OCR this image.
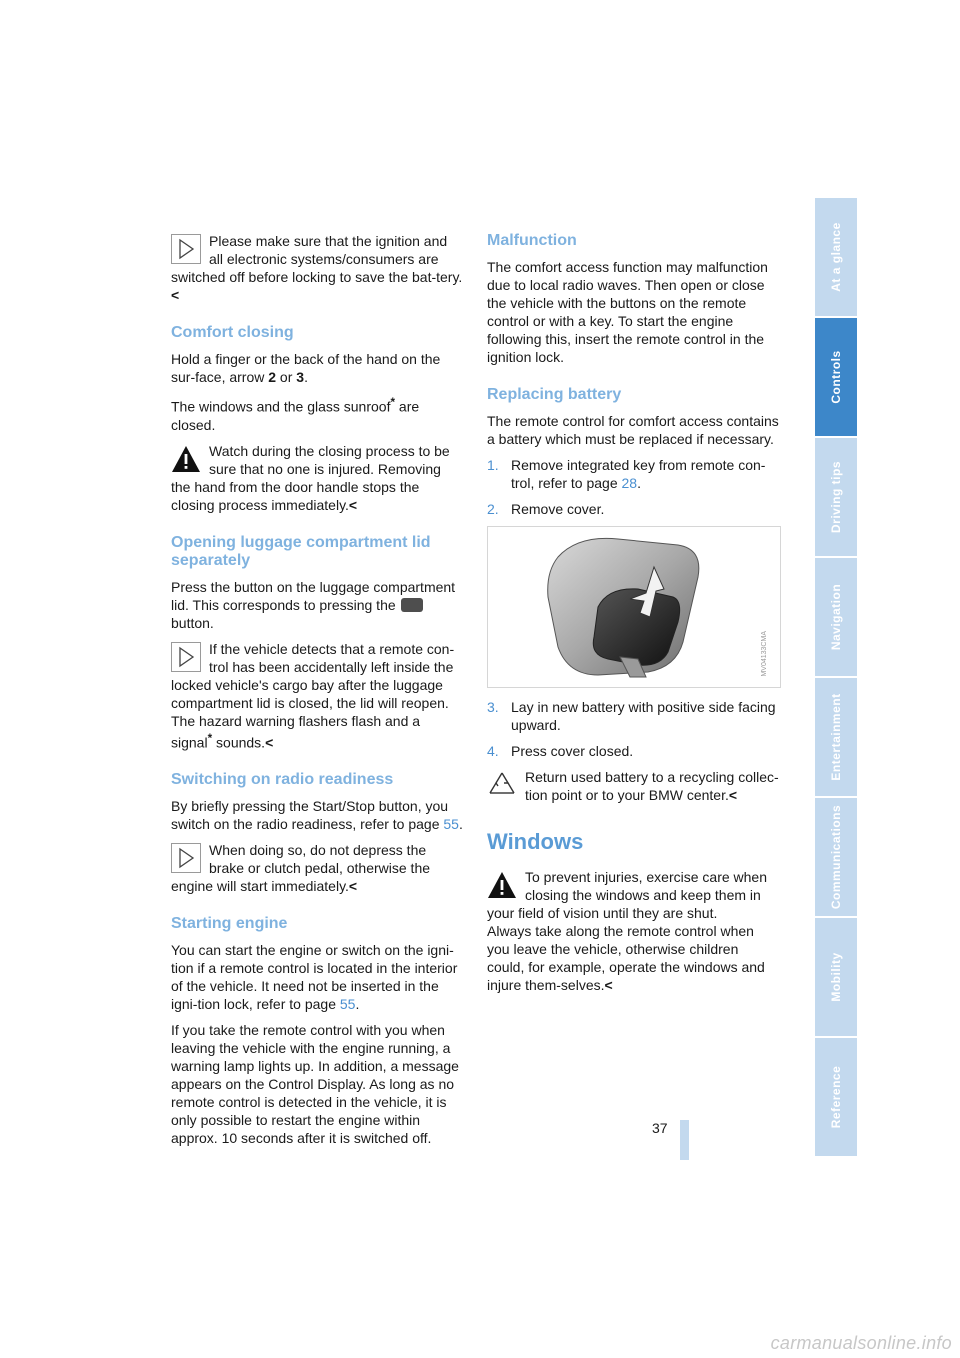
Please make sure that the ignition and all electronic systems/consumers are switched off before locking to save the bat-tery.<

Comfort closing

Hold a finger or the back of the hand on the sur-face, arrow 2 or 3.

The windows and the glass sunroof* are closed.

Watch during the closing process to be sure that no one is injured. Removing the hand from the door handle stops the closing process immediately.<

Opening luggage compartment lid separately

Press the button on the luggage compartment lid. This corresponds to pressing the  button.

If the vehicle detects that a remote con-trol has been accidentally left inside the locked vehicle's cargo bay after the luggage compartment lid is closed, the lid will reopen. The hazard warning flashers flash and a signal* sounds.<

Switching on radio readiness

By briefly pressing the Start/Stop button, you switch on the radio readiness, refer to page 55.

When doing so, do not depress the brake or clutch pedal, otherwise the engine will start immediately.<

Starting engine

You can start the engine or switch on the igni-tion if a remote control is located in the interior of the vehicle. It need not be inserted in the igni-tion lock, refer to page 55.

If you take the remote control with you when leaving the vehicle with the engine running, a warning lamp lights up. In addition, a message appears on the Control Display. As long as no remote control is detected in the vehicle, it is only possible to restart the engine within approx. 10 seconds after it is switched off.

Malfunction

The comfort access function may malfunction due to local radio waves. Then open or close the vehicle with the buttons on the remote control or with a key. To start the engine following this, insert the remote control in the ignition lock.

Replacing battery

The remote control for comfort access contains a battery which must be replaced if necessary.

1. Remove integrated key from remote con-trol, refer to page 28.
2. Remove cover.
MV04133CMA
3. Lay in new battery with positive side facing upward.
4. Press cover closed.

Return used battery to a recycling collec-tion point or to your BMW center.<

Windows

To prevent injuries, exercise care when closing the windows and keep them in your field of vision until they are shut.

Always take along the remote control when you leave the vehicle, otherwise children could, for example, operate the windows and injure them-selves.<

At a glance
Controls
Driving tips
Navigation
Entertainment
Communications
Mobility
Reference
37
carmanualsonline.info
